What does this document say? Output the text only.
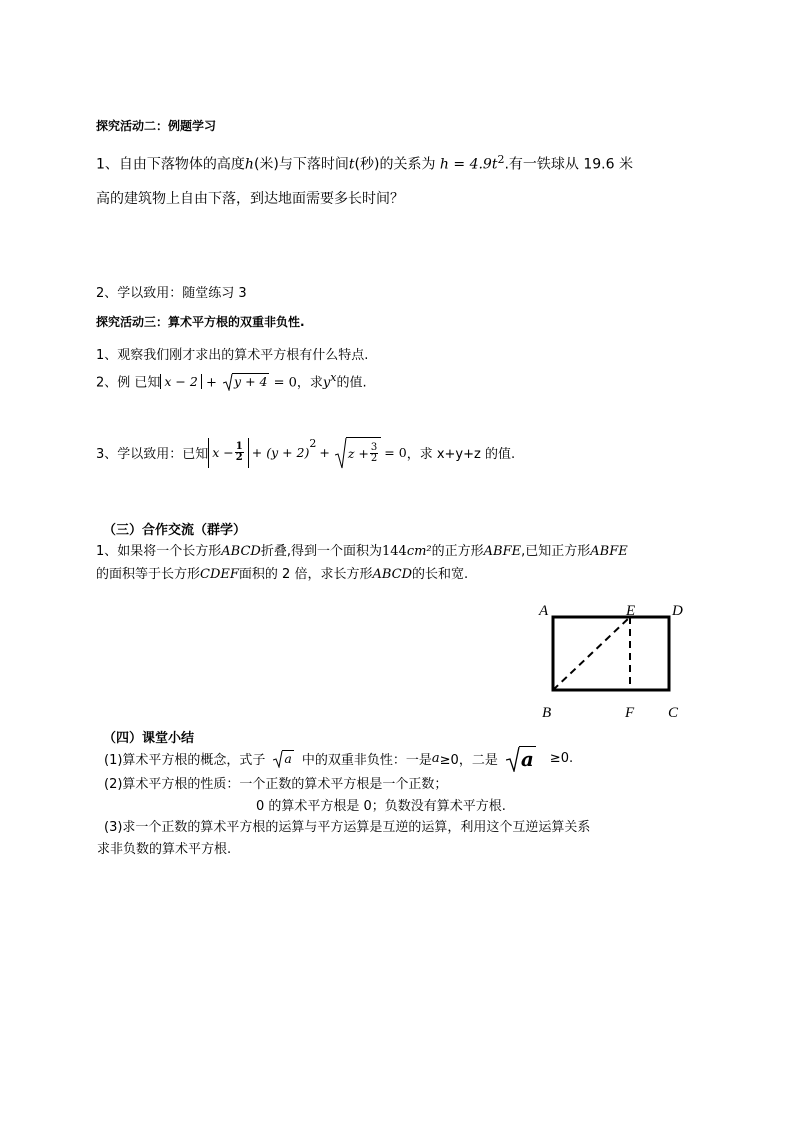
探究活动二：例题学习
1、自由下落物体的高度h(米)与下落时间t(秒)的关系为 $h = 4.9t^2$.有一铁球从 19.6 米
高的建筑物上自由下落，到达地面需要多长时间？
2、学以致用：随堂练习 3
探究活动三：算术平方根的双重非负性.
1、观察我们刚才求出的算术平方根有什么特点.
2、例 已知 x − 2 + y + 4 = 0，求$y^x$的值.
3、学以致用：已知 $x - \frac{1}{2} + (y + 2)$
$^2$
+ $z + \frac{3}{2} = 0$ ，求 x+y+z 的值.
（三）合作交流（群学）
1、如果将一个长方形ABCD折叠,得到一个面积为144cm²的正方形ABFE,已知正方形ABFE
的面积等于长方形CDEF面积的 2 倍，求长方形ABCD的长和宽.
A	E D
B	F C
（四）课堂小结
(1)算术平方根的概念，式子	a 中的双重非负性：一是 a ≥0，二是	a ≥0.
(2)算术平方根的性质：一个正数的算术平方根是一个正数；
0 的算术平方根是 0；负数没有算术平方根.
(3)求一个正数的算术平方根的运算与平方运算是互逆的运算，利用这个互逆运算关系
求非负数的算术平方根.
